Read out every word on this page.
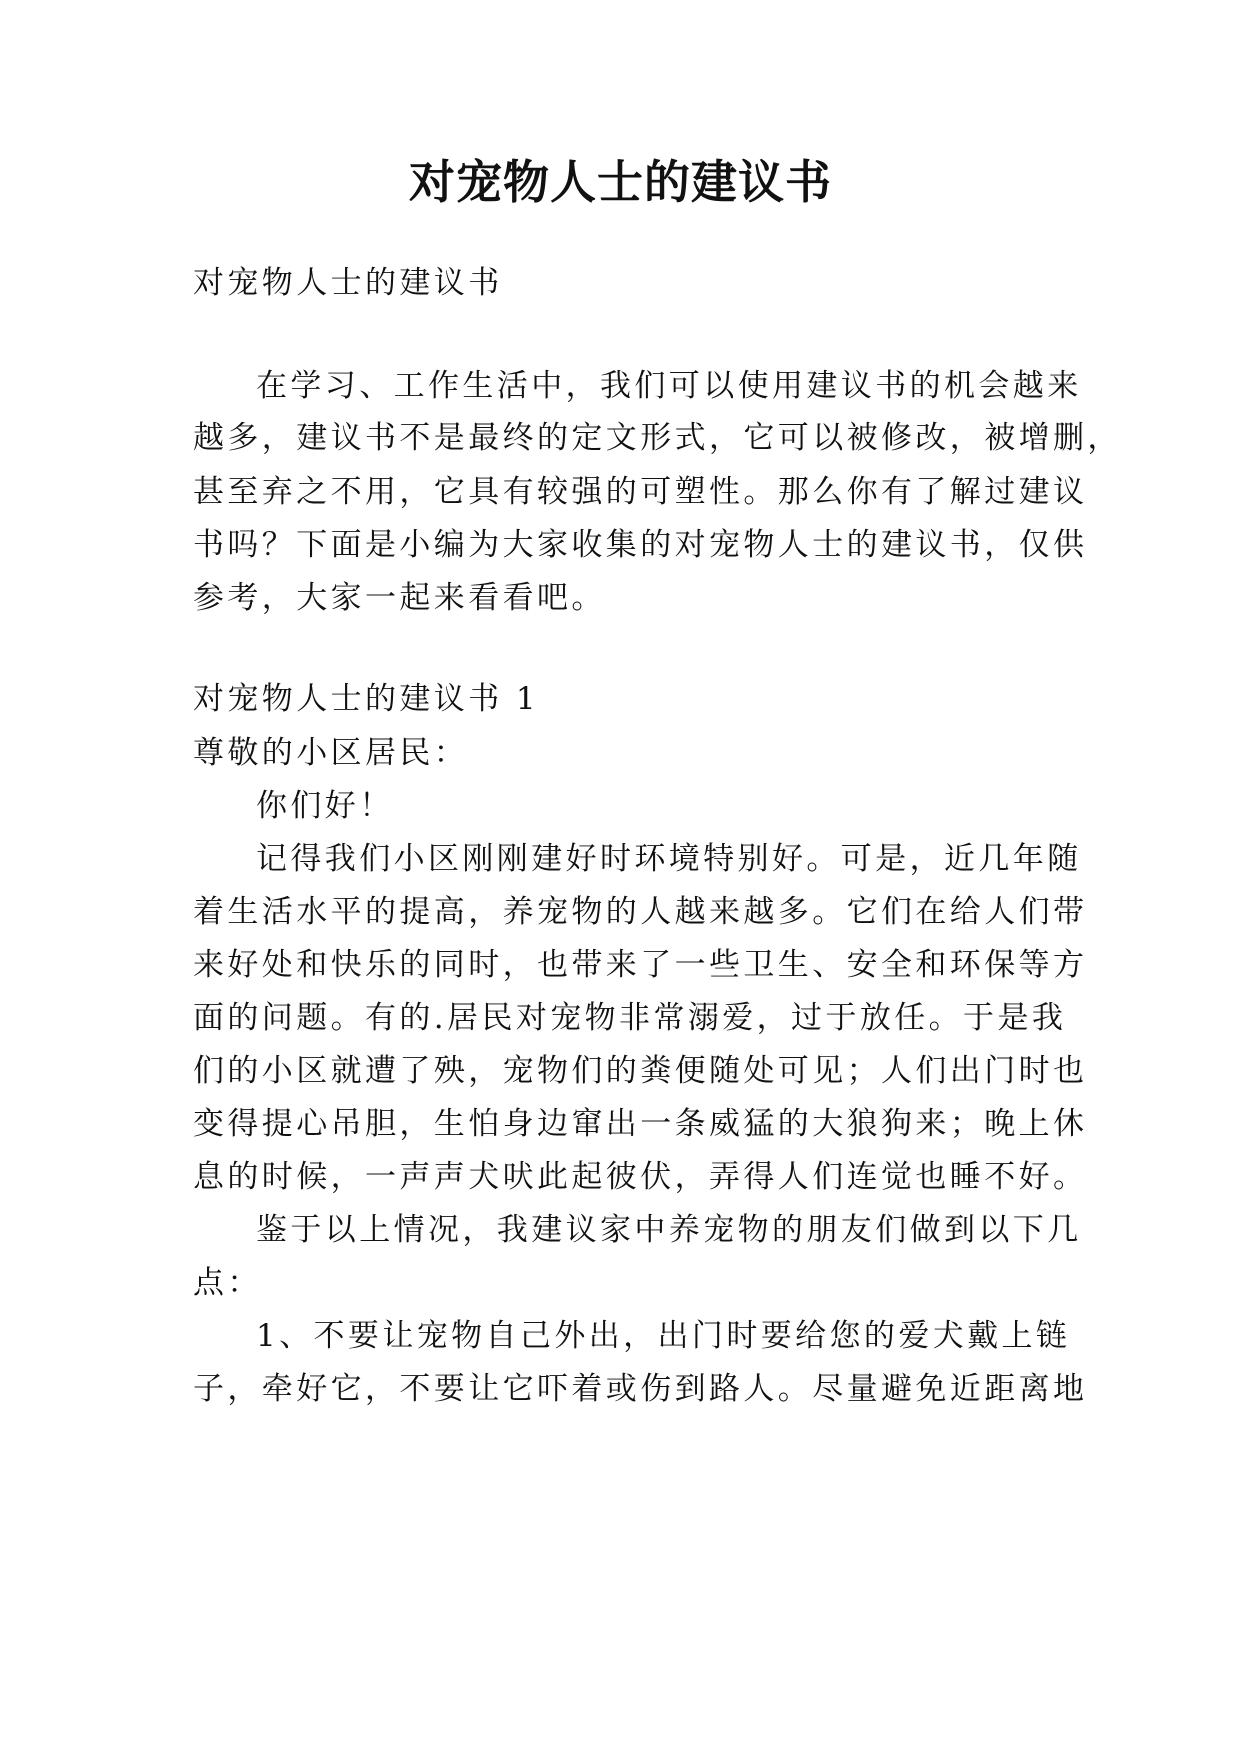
对宠物人士的建议书

对宠物人士的建议书

在学习、工作生活中，我们可以使用建议书的机会越来

越多，建议书不是最终的定文形式，它可以被修改，被增删，

甚至弃之不用，它具有较强的可塑性。那么你有了解过建议

书吗？下面是小编为大家收集的对宠物人士的建议书，仅供

参考，大家一起来看看吧。

对宠物人士的建议书 1

尊敬的小区居民：

你们好！

记得我们小区刚刚建好时环境特别好。可是，近几年随

着生活水平的提高，养宠物的人越来越多。它们在给人们带

来好处和快乐的同时，也带来了一些卫生、安全和环保等方

面的问题。有的.居民对宠物非常溺爱，过于放任。于是我

们的小区就遭了殃，宠物们的粪便随处可见；人们出门时也

变得提心吊胆，生怕身边窜出一条威猛的大狼狗来；晚上休

息的时候，一声声犬吠此起彼伏，弄得人们连觉也睡不好。

鉴于以上情况，我建议家中养宠物的朋友们做到以下几

点：

1、不要让宠物自己外出，出门时要给您的爱犬戴上链

子，牵好它，不要让它吓着或伤到路人。尽量避免近距离地
